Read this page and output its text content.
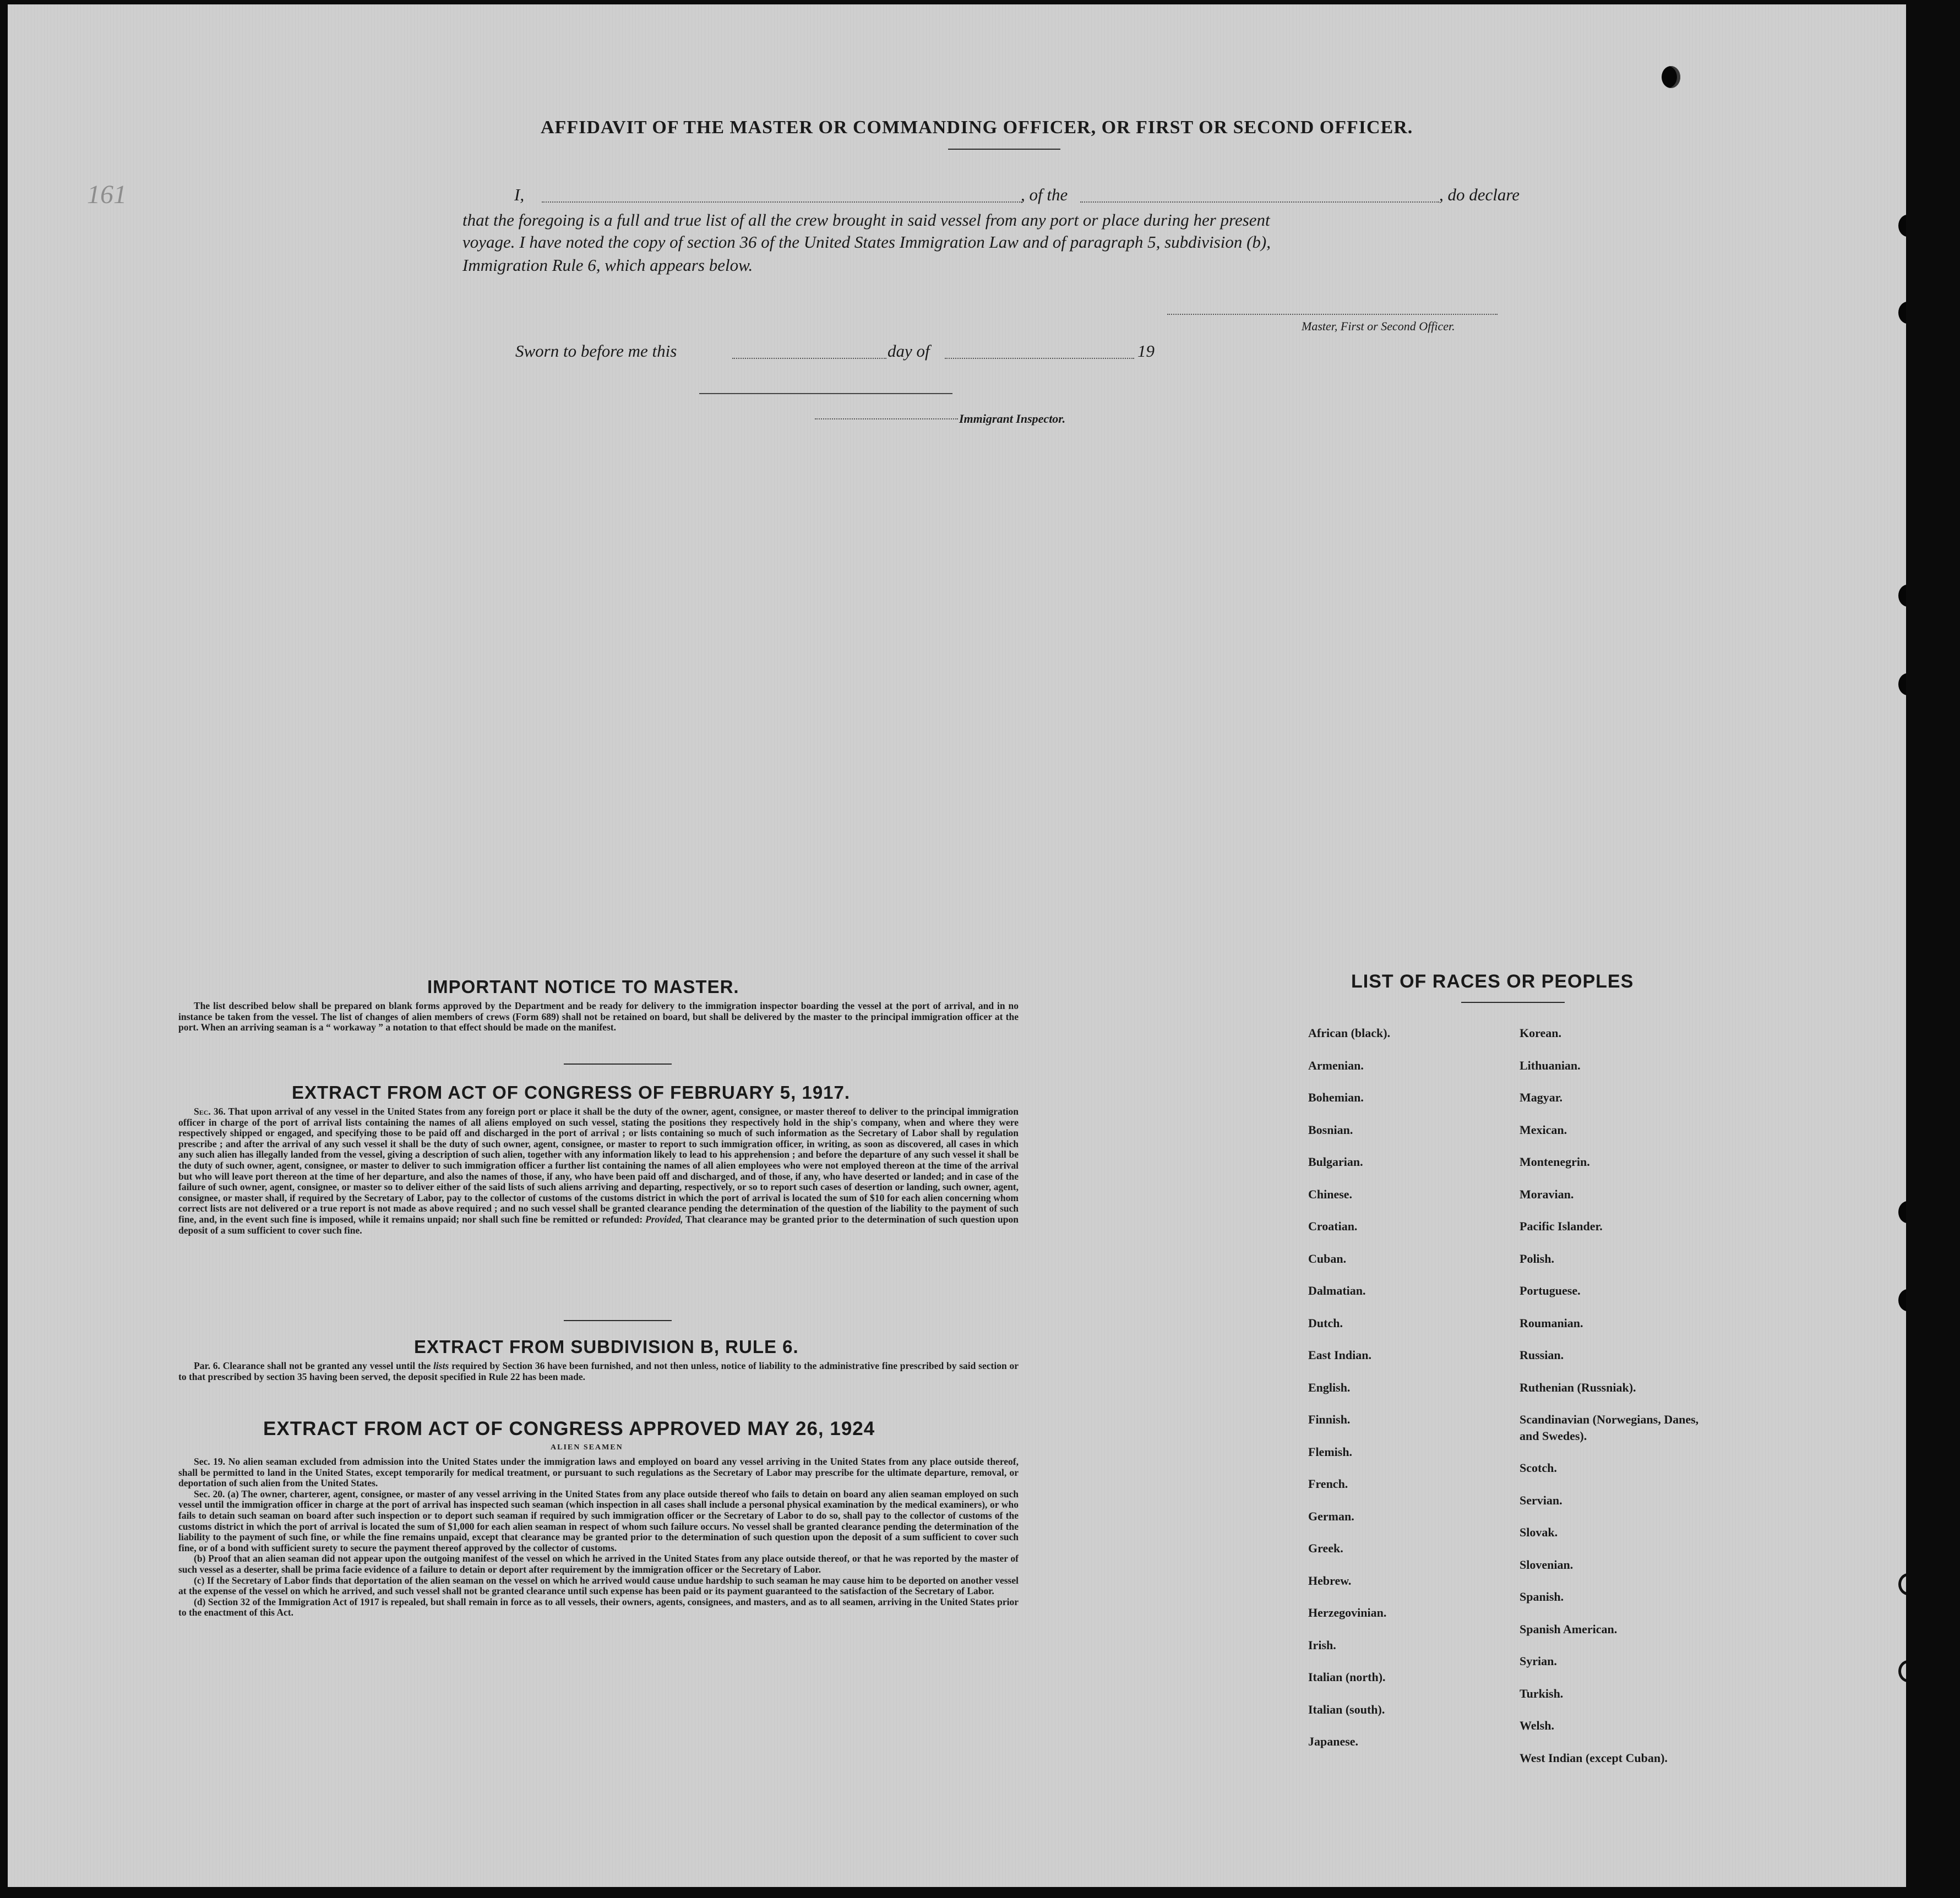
161
AFFIDAVIT OF THE MASTER OR COMMANDING OFFICER, OR FIRST OR SECOND OFFICER.
I,	, of the	, do declare
that the foregoing is a full and true list of all the crew brought in said vessel from any port or place during her present
voyage. I have noted the copy of section 36 of the United States Immigration Law and of paragraph 5, subdivision (b),
Immigration Rule 6, which appears below.
Master, First or Second Officer.
Sworn to before me this	day of	19
Immigrant Inspector.
IMPORTANT NOTICE TO MASTER.

The list described below shall be prepared on blank forms approved by the Department and be ready for delivery to the immigration inspector boarding the vessel at the port of arrival, and in no instance be taken from the vessel. The list of changes of alien members of crews (Form 689) shall not be retained on board, but shall be delivered by the master to the principal immigration officer at the port. When an arriving seaman is a “ workaway ” a notation to that effect should be made on the manifest.

EXTRACT FROM ACT OF CONGRESS OF FEBRUARY 5, 1917.

Sec. 36. That upon arrival of any vessel in the United States from any foreign port or place it shall be the duty of the owner, agent, consignee, or master thereof to deliver to the principal immigration officer in charge of the port of arrival lists containing the names of all aliens employed on such vessel, stating the positions they respectively hold in the ship's company, when and where they were respectively shipped or engaged, and specifying those to be paid off and discharged in the port of arrival ; or lists containing so much of such information as the Secretary of Labor shall by regulation prescribe ; and after the arrival of any such vessel it shall be the duty of such owner, agent, consignee, or master to report to such immigration officer, in writing, as soon as discovered, all cases in which any such alien has illegally landed from the vessel, giving a description of such alien, together with any information likely to lead to his apprehension ; and before the departure of any such vessel it shall be the duty of such owner, agent, consignee, or master to deliver to such immigration officer a further list containing the names of all alien employees who were not employed thereon at the time of the arrival but who will leave port thereon at the time of her departure, and also the names of those, if any, who have been paid off and discharged, and of those, if any, who have deserted or landed; and in case of the failure of such owner, agent, consignee, or master so to deliver either of the said lists of such aliens arriving and departing, respectively, or so to report such cases of desertion or landing, such owner, agent, consignee, or master shall, if required by the Secretary of Labor, pay to the collector of customs of the customs district in which the port of arrival is located the sum of $10 for each alien concerning whom correct lists are not delivered or a true report is not made as above required ; and no such vessel shall be granted clearance pending the determination of the question of the liability to the payment of such fine, and, in the event such fine is imposed, while it remains unpaid; nor shall such fine be remitted or refunded: Provided, That clearance may be granted prior to the determination of such question upon deposit of a sum sufficient to cover such fine.

EXTRACT FROM SUBDIVISION B, RULE 6.

Par. 6. Clearance shall not be granted any vessel until the lists required by Section 36 have been furnished, and not then unless, notice of liability to the administrative fine prescribed by said section or to that prescribed by section 35 having been served, the deposit specified in Rule 22 has been made.

EXTRACT FROM ACT OF CONGRESS APPROVED MAY 26, 1924
ALIEN SEAMEN

Sec. 19. No alien seaman excluded from admission into the United States under the immigration laws and employed on board any vessel arriving in the United States from any place outside thereof, shall be permitted to land in the United States, except temporarily for medical treatment, or pursuant to such regulations as the Secretary of Labor may prescribe for the ultimate departure, removal, or deportation of such alien from the United States.

Sec. 20. (a) The owner, charterer, agent, consignee, or master of any vessel arriving in the United States from any place outside thereof who fails to detain on board any alien seaman employed on such vessel until the immigration officer in charge at the port of arrival has inspected such seaman (which inspection in all cases shall include a personal physical examination by the medical examiners), or who fails to detain such seaman on board after such inspection or to deport such seaman if required by such immigration officer or the Secretary of Labor to do so, shall pay to the collector of customs of the customs district in which the port of arrival is located the sum of $1,000 for each alien seaman in respect of whom such failure occurs. No vessel shall be granted clearance pending the determination of the liability to the payment of such fine, or while the fine remains unpaid, except that clearance may be granted prior to the determination of such question upon the deposit of a sum sufficient to cover such fine, or of a bond with sufficient surety to secure the payment thereof approved by the collector of customs.

(b) Proof that an alien seaman did not appear upon the outgoing manifest of the vessel on which he arrived in the United States from any place outside thereof, or that he was reported by the master of such vessel as a deserter, shall be prima facie evidence of a failure to detain or deport after requirement by the immigration officer or the Secretary of Labor.

(c) If the Secretary of Labor finds that deportation of the alien seaman on the vessel on which he arrived would cause undue hardship to such seaman he may cause him to be deported on another vessel at the expense of the vessel on which he arrived, and such vessel shall not be granted clearance until such expense has been paid or its payment guaranteed to the satisfaction of the Secretary of Labor.

(d) Section 32 of the Immigration Act of 1917 is repealed, but shall remain in force as to all vessels, their owners, agents, consignees, and masters, and as to all seamen, arriving in the United States prior to the enactment of this Act.

LIST OF RACES OR PEOPLES
African (black).
Armenian.
Bohemian.
Bosnian.
Bulgarian.
Chinese.
Croatian.
Cuban.
Dalmatian.
Dutch.
East Indian.
English.
Finnish.
Flemish.
French.
German.
Greek.
Hebrew.
Herzegovinian.
Irish.
Italian (north).
Italian (south).
Japanese.
Korean.
Lithuanian.
Magyar.
Mexican.
Montenegrin.
Moravian.
Pacific Islander.
Polish.
Portuguese.
Roumanian.
Russian.
Ruthenian (Russniak).
Scandinavian (Norwegians, Danes, and Swedes).
Scotch.
Servian.
Slovak.
Slovenian.
Spanish.
Spanish American.
Syrian.
Turkish.
Welsh.
West Indian (except Cuban).
